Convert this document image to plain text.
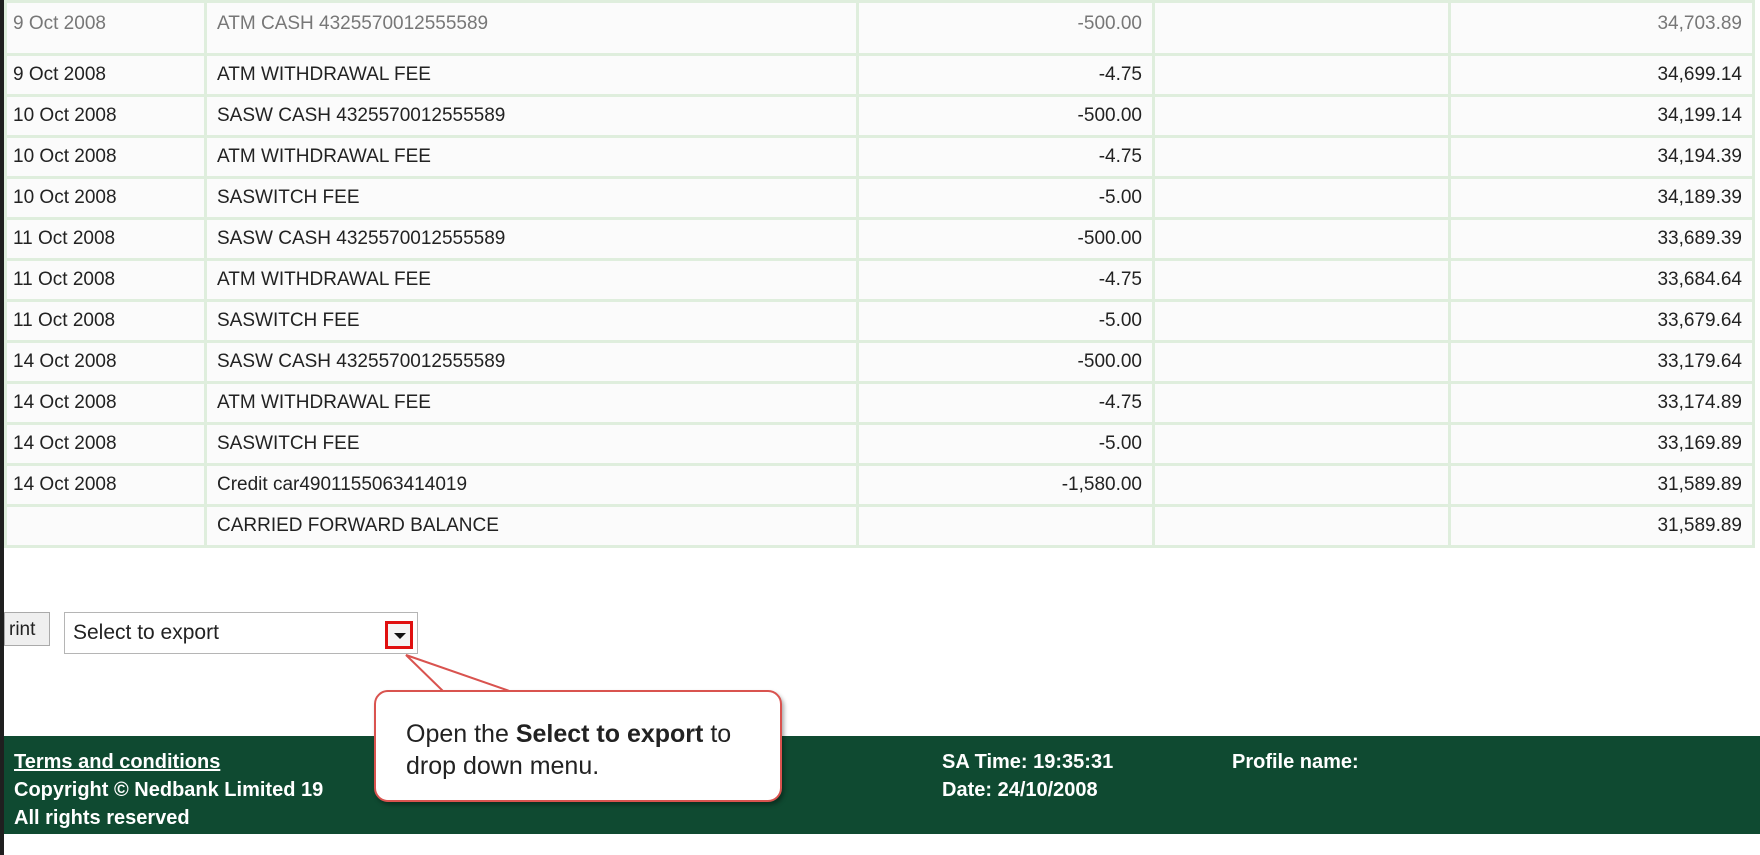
9 Oct 2008	ATM CASH 4325570012555589	-500.00		34,703.89
9 Oct 2008	ATM WITHDRAWAL FEE	-4.75		34,699.14
10 Oct 2008	SASW CASH 4325570012555589	-500.00		34,199.14
10 Oct 2008	ATM WITHDRAWAL FEE	-4.75		34,194.39
10 Oct 2008	SASWITCH FEE	-5.00		34,189.39
11 Oct 2008	SASW CASH 4325570012555589	-500.00		33,689.39
11 Oct 2008	ATM WITHDRAWAL FEE	-4.75		33,684.64
11 Oct 2008	SASWITCH FEE	-5.00		33,679.64
14 Oct 2008	SASW CASH 4325570012555589	-500.00		33,179.64
14 Oct 2008	ATM WITHDRAWAL FEE	-4.75		33,174.89
14 Oct 2008	SASWITCH FEE	-5.00		33,169.89
14 Oct 2008	Credit car4901155063414019	-1,580.00		31,589.89
	CARRIED FORWARD BALANCE			31,589.89
rint	Select to export
Terms and conditions
Copyright © Nedbank Limited 19
All rights reserved
SA Time: 19:35:31
Date: 24/10/2008
Profile name:
Open the Select to export to drop down menu.
